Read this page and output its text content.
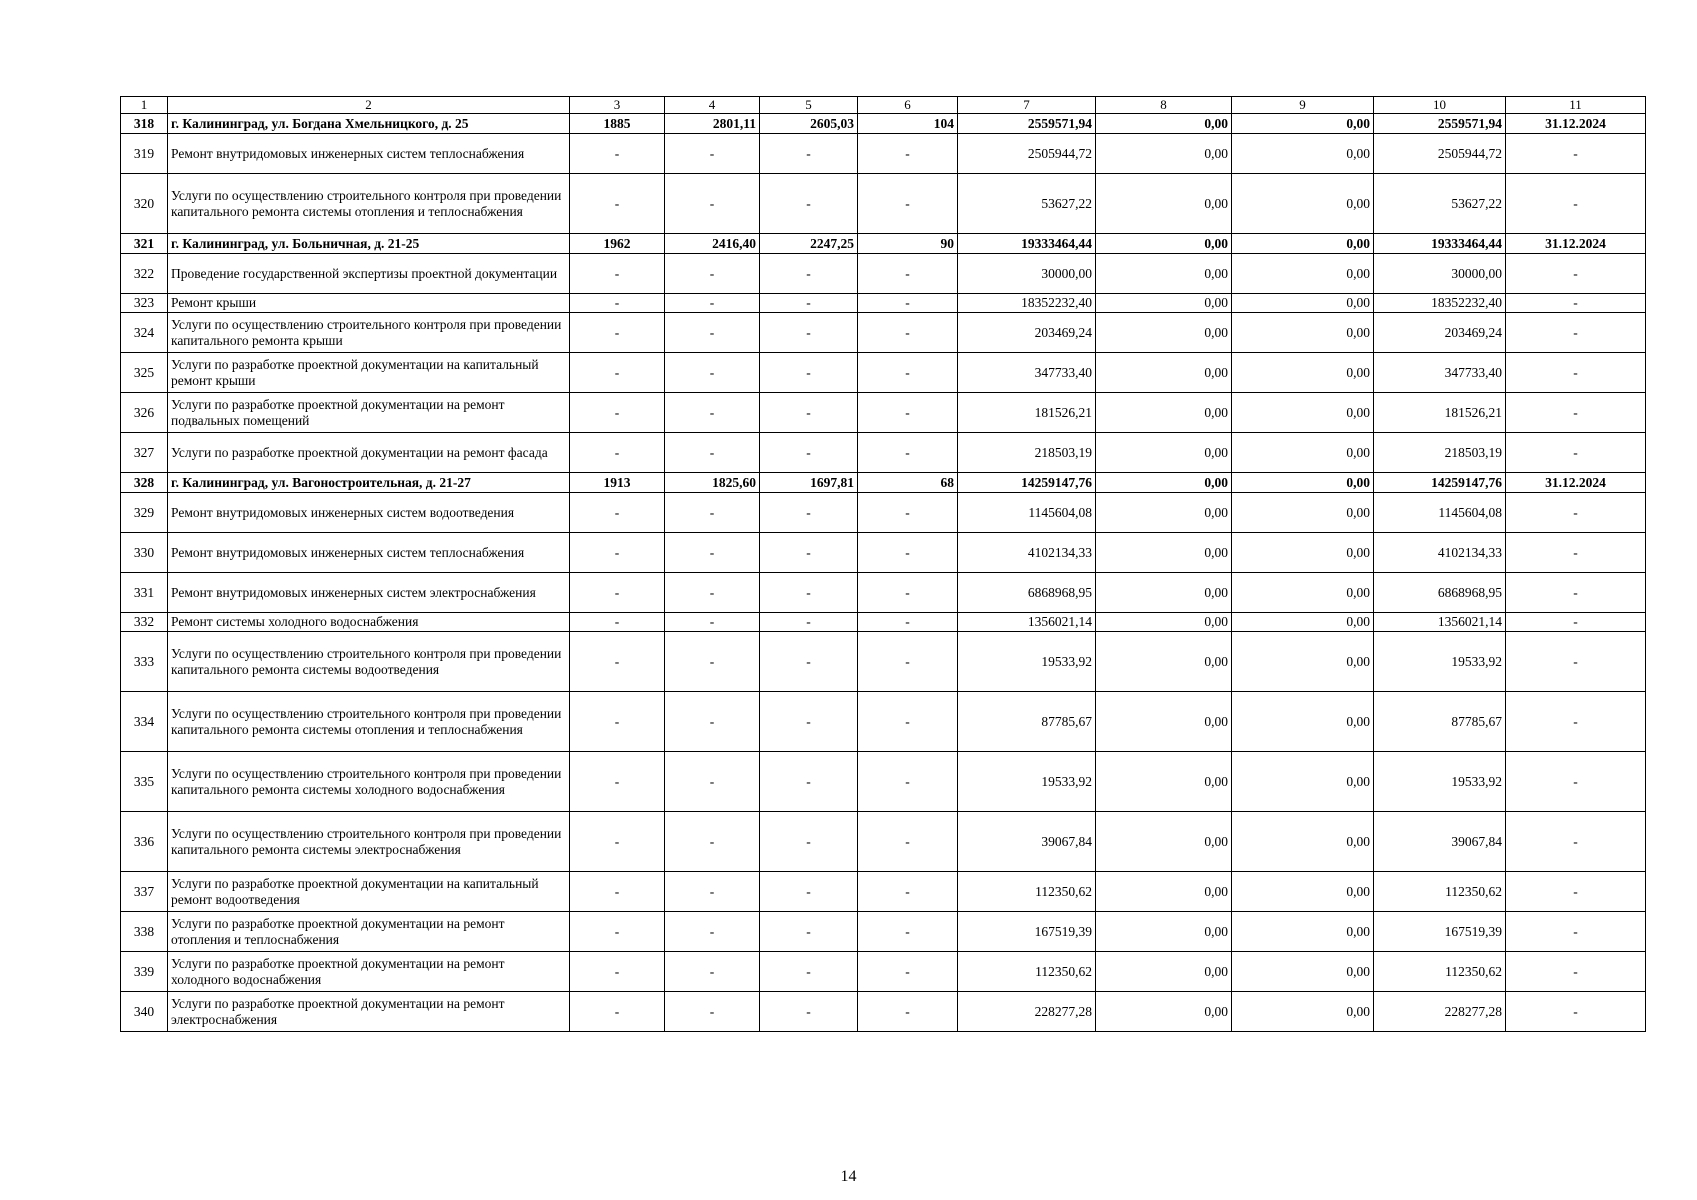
1	2	3	4	5	6	7	8	9	10	11
318	г. Калининград, ул. Богдана Хмельницкого, д. 25	1885	2801,11	2605,03	104	2559571,94	0,00	0,00	2559571,94	31.12.2024
319	Ремонт внутридомовых инженерных систем теплоснабжения	-	-	-	-	2505944,72	0,00	0,00	2505944,72	-
320	Услуги по осуществлению строительного контроля при проведении капитального ремонта системы отопления и теплоснабжения	-	-	-	-	53627,22	0,00	0,00	53627,22	-
321	г. Калининград, ул. Больничная, д. 21-25	1962	2416,40	2247,25	90	19333464,44	0,00	0,00	19333464,44	31.12.2024
322	Проведение государственной экспертизы проектной документации	-	-	-	-	30000,00	0,00	0,00	30000,00	-
323	Ремонт крыши	-	-	-	-	18352232,40	0,00	0,00	18352232,40	-
324	Услуги по осуществлению строительного контроля при проведении капитального ремонта крыши	-	-	-	-	203469,24	0,00	0,00	203469,24	-
325	Услуги по разработке проектной документации на капитальный ремонт крыши	-	-	-	-	347733,40	0,00	0,00	347733,40	-
326	Услуги по разработке проектной документации на ремонт подвальных помещений	-	-	-	-	181526,21	0,00	0,00	181526,21	-
327	Услуги по разработке проектной документации на ремонт фасада	-	-	-	-	218503,19	0,00	0,00	218503,19	-
328	г. Калининград, ул. Вагоностроительная, д. 21-27	1913	1825,60	1697,81	68	14259147,76	0,00	0,00	14259147,76	31.12.2024
329	Ремонт внутридомовых инженерных систем водоотведения	-	-	-	-	1145604,08	0,00	0,00	1145604,08	-
330	Ремонт внутридомовых инженерных систем теплоснабжения	-	-	-	-	4102134,33	0,00	0,00	4102134,33	-
331	Ремонт внутридомовых инженерных систем электроснабжения	-	-	-	-	6868968,95	0,00	0,00	6868968,95	-
332	Ремонт системы холодного водоснабжения	-	-	-	-	1356021,14	0,00	0,00	1356021,14	-
333	Услуги по осуществлению строительного контроля при проведении капитального ремонта системы водоотведения	-	-	-	-	19533,92	0,00	0,00	19533,92	-
334	Услуги по осуществлению строительного контроля при проведении капитального ремонта системы отопления и теплоснабжения	-	-	-	-	87785,67	0,00	0,00	87785,67	-
335	Услуги по осуществлению строительного контроля при проведении капитального ремонта системы холодного водоснабжения	-	-	-	-	19533,92	0,00	0,00	19533,92	-
336	Услуги по осуществлению строительного контроля при проведении капитального ремонта системы электроснабжения	-	-	-	-	39067,84	0,00	0,00	39067,84	-
337	Услуги по разработке проектной документации на капитальный ремонт водоотведения	-	-	-	-	112350,62	0,00	0,00	112350,62	-
338	Услуги по разработке проектной документации на ремонт отопления и теплоснабжения	-	-	-	-	167519,39	0,00	0,00	167519,39	-
339	Услуги по разработке проектной документации на ремонт холодного водоснабжения	-	-	-	-	112350,62	0,00	0,00	112350,62	-
340	Услуги по разработке проектной документации на ремонт электроснабжения	-	-	-	-	228277,28	0,00	0,00	228277,28	-
14
